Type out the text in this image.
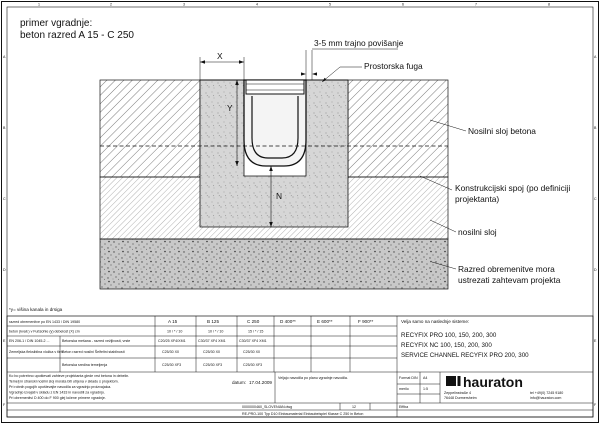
A
B
C
D
E
F
A
B
C
D
E
F
1	2	3	4	5	6	7	8
primer vgradnje:
beton razred A 15 - C 250
X
Y
N
3-5 mm trajno povišanje
Prostorska fuga
Nosilni sloj betona
Konstrukcijski spoj (po definiciji
projektanta)
nosilni sloj
Razred obremenitve mora
ustrezati zahtevam projekta
*y= višina kanala in drsiga
razred obremenitve po EN 1433 / DIN 19580	A 15	B 125	C 250	D 400**	E 600**	F 900**
beton (kvali.) v Fußsohle (y) debelost (X) cm	10 / * / 10	10 / * / 10	15 / * / 15
EN 206-1 / DIN 1045-2 ...	Betonska mešana - razred vežljivosti, vrste	C20/25 XF4/XM1	C30/37 XF4 XM1	C30/37 XF4 XM1
Zemeljska fleksibilna vložka v tleh Beton razred nosilni Šelfeltni stabilnosti	C25/30 X0	C25/30 X0	C25/30 X0
Betonska sredina temeljenja	C25/30 XF3	C25/30 XF3	C25/30 XF3
Velja samo na naslednje sisteme:
RECYFIX PRO 100, 150, 200, 300
RECYFIX NC 100, 150, 200, 300
SERVICE CHANNEL RECYFIX PRO 200, 300
Ko bo potrebno upoštevati zahteve projektanta glede vrst betona in debelin.
Temelj in stranski nosilni sloj morata biti utrjena v skladu s projektom.
Pri robnih pogojih upoštevajte navodila za vgradnjo proizvajalca.
Vgradnjo izvajati v skladu z EN 1433 in navodili za vgradnjo.
Pri obremenitvi D 400 do F 900 glej ločene primere vgradnje.
datum: 17.04.2009
Veljajo navodila po planu vgradnje navodila.	Format DIN A4
merilo	1:5
Effiba
hauraton
Zeppelinstraße 4
76448 Durmersheim
tel +49(0) 7245 9180
info@hauraton.com
0000000460_SLOVENIAN.dwg	12
RE-PRO-100 Typ D10 Einbaumaterial Einbaubeispiel Klasse C 250 in Beton
